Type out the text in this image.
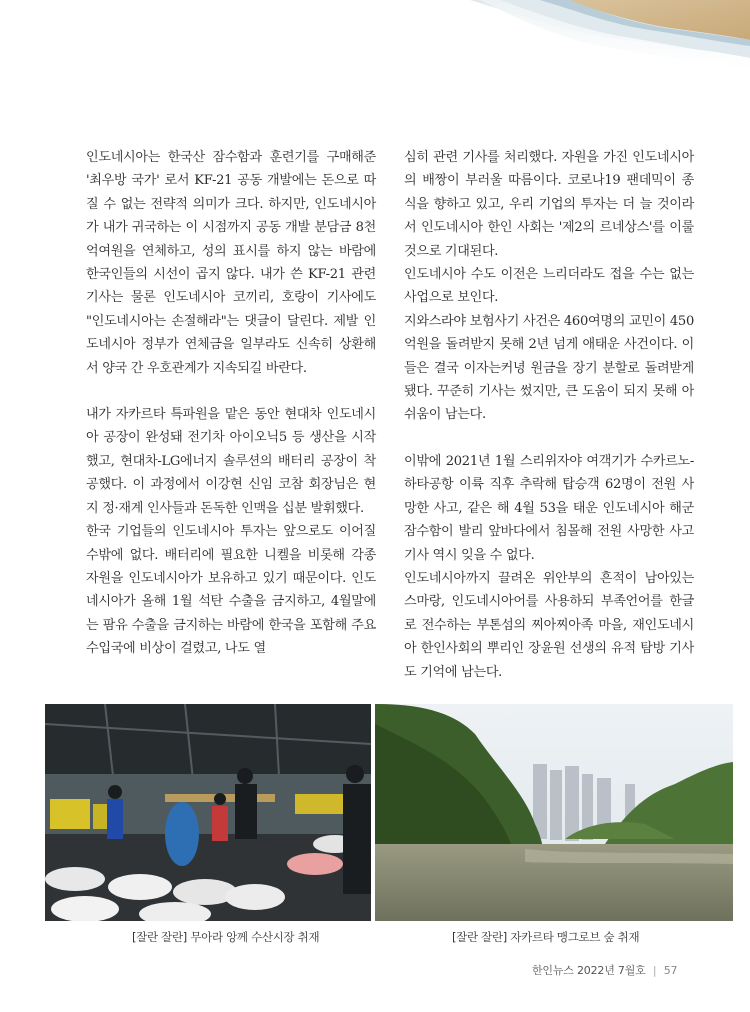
인도네시아는 한국산 잠수함과 훈련기를 구매해준 '최우방 국가' 로서 KF-21 공동 개발에는 돈으로 따질 수 없는 전략적 의미가 크다. 하지만, 인도네시아가 내가 귀국하는 이 시점까지 공동 개발 분담금 8천억여원을 연체하고, 성의 표시를 하지 않는 바람에 한국인들의 시선이 곱지 않다. 내가 쓴 KF-21 관련 기사는 물론 인도네시아 코끼리, 호랑이 기사에도 "인도네시아는 손절해라"는 댓글이 달린다. 제발 인도네시아 정부가 연체금을 일부라도 신속히 상환해서 양국 간 우호관계가 지속되길 바란다.

내가 자카르타 특파원을 맡은 동안 현대차 인도네시아 공장이 완성돼 전기차 아이오닉5 등 생산을 시작했고, 현대차-LG에너지 솔루션의 배터리 공장이 착공했다. 이 과정에서 이강현 신임 코참 회장님은 현지 정·재계 인사들과 돈독한 인맥을 십분 발휘했다.

한국 기업들의 인도네시아 투자는 앞으로도 이어질 수밖에 없다. 배터리에 필요한 니켈을 비롯해 각종 자원을 인도네시아가 보유하고 있기 때문이다. 인도네시아가 올해 1월 석탄 수출을 금지하고, 4월말에는 팜유 수출을 금지하는 바람에 한국을 포함해 주요 수입국에 비상이 걸렸고, 나도 열

심히 관련 기사를 처리했다. 자원을 가진 인도네시아의 배짱이 부러울 따름이다. 코로나19 팬데믹이 종식을 향하고 있고, 우리 기업의 투자는 더 늘 것이라서 인도네시아 한인 사회는 '제2의 르네상스'를 이룰 것으로 기대된다.

인도네시아 수도 이전은 느리더라도 접을 수는 없는 사업으로 보인다.

지와스라야 보험사기 사건은 460여명의 교민이 450억원을 돌려받지 못해 2년 넘게 애태운 사건이다. 이들은 결국 이자는커녕 원금을 장기 분할로 돌려받게 됐다. 꾸준히 기사는 썼지만, 큰 도움이 되지 못해 아쉬움이 남는다.

이밖에 2021년 1월 스리위자야 여객기가 수카르노-하타공항 이륙 직후 추락해 탑승객 62명이 전원 사망한 사고, 같은 해 4월 53을 태운 인도네시아 해군 잠수함이 발리 앞바다에서 침몰해 전원 사망한 사고 기사 역시 잊을 수 없다.

인도네시아까지 끌려온 위안부의 흔적이 남아있는 스마랑, 인도네시아어를 사용하되 부족언어를 한글로 전수하는 부톤섬의 찌아찌아족 마을, 재인도네시아 한인사회의 뿌리인 장윤원 선생의 유적 탐방 기사도 기억에 남는다.

[잘란 잘란] 무아라 앙께 수산시장 취재	[잘란 잘란] 자카르타 맹그로브 숲 취재
한인뉴스 2022년 7월호 | 57
